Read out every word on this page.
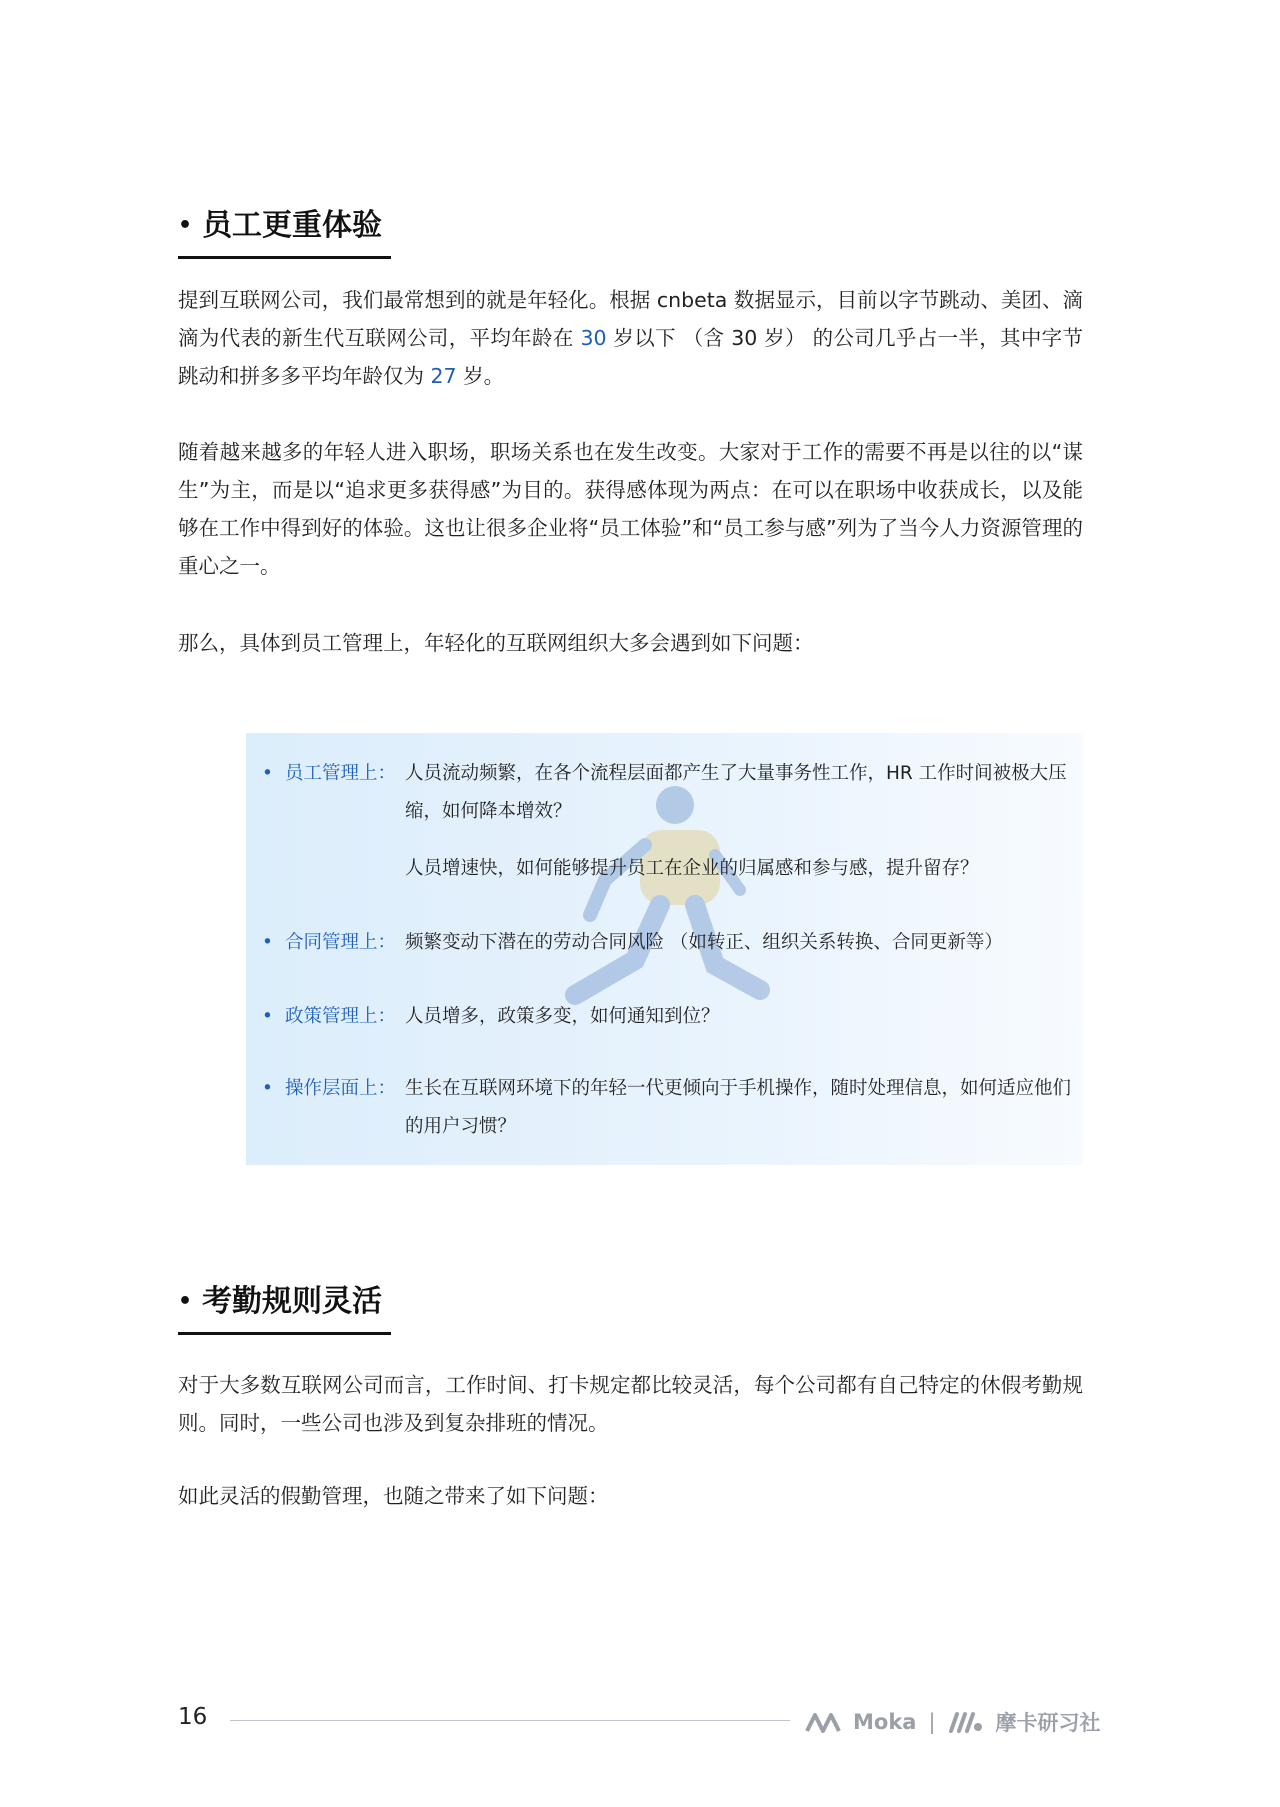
• 员工更重体验

提到互联网公司，我们最常想到的就是年轻化。根据 cnbeta 数据显示，目前以字节跳动、美团、滴滴为代表的新生代互联网公司，平均年龄在 30 岁以下 （含 30 岁） 的公司几乎占一半，其中字节跳动和拼多多平均年龄仅为 27 岁。

随着越来越多的年轻人进入职场，职场关系也在发生改变。大家对于工作的需要不再是以往的以“谋生”为主，而是以“追求更多获得感”为目的。获得感体现为两点：在可以在职场中收获成长，以及能够在工作中得到好的体验。这也让很多企业将“员工体验”和“员工参与感”列为了当今人力资源管理的重心之一。

那么，具体到员工管理上，年轻化的互联网组织大多会遇到如下问题：

• 员工管理上： 人员流动频繁，在各个流程层面都产生了大量事务性工作，HR 工作时间被极大压缩，如何降本增效？
人员增速快，如何能够提升员工在企业的归属感和参与感，提升留存？
• 合同管理上： 频繁变动下潜在的劳动合同风险 （如转正、组织关系转换、合同更新等）
• 政策管理上： 人员增多，政策多变，如何通知到位？
• 操作层面上： 生长在互联网环境下的年轻一代更倾向于手机操作，随时处理信息，如何适应他们的用户习惯？
• 考勤规则灵活

对于大多数互联网公司而言，工作时间、打卡规定都比较灵活，每个公司都有自己特定的休假考勤规则。同时，一些公司也涉及到复杂排班的情况。

如此灵活的假勤管理，也随之带来了如下问题：

16	Moka |	摩卡研习社
